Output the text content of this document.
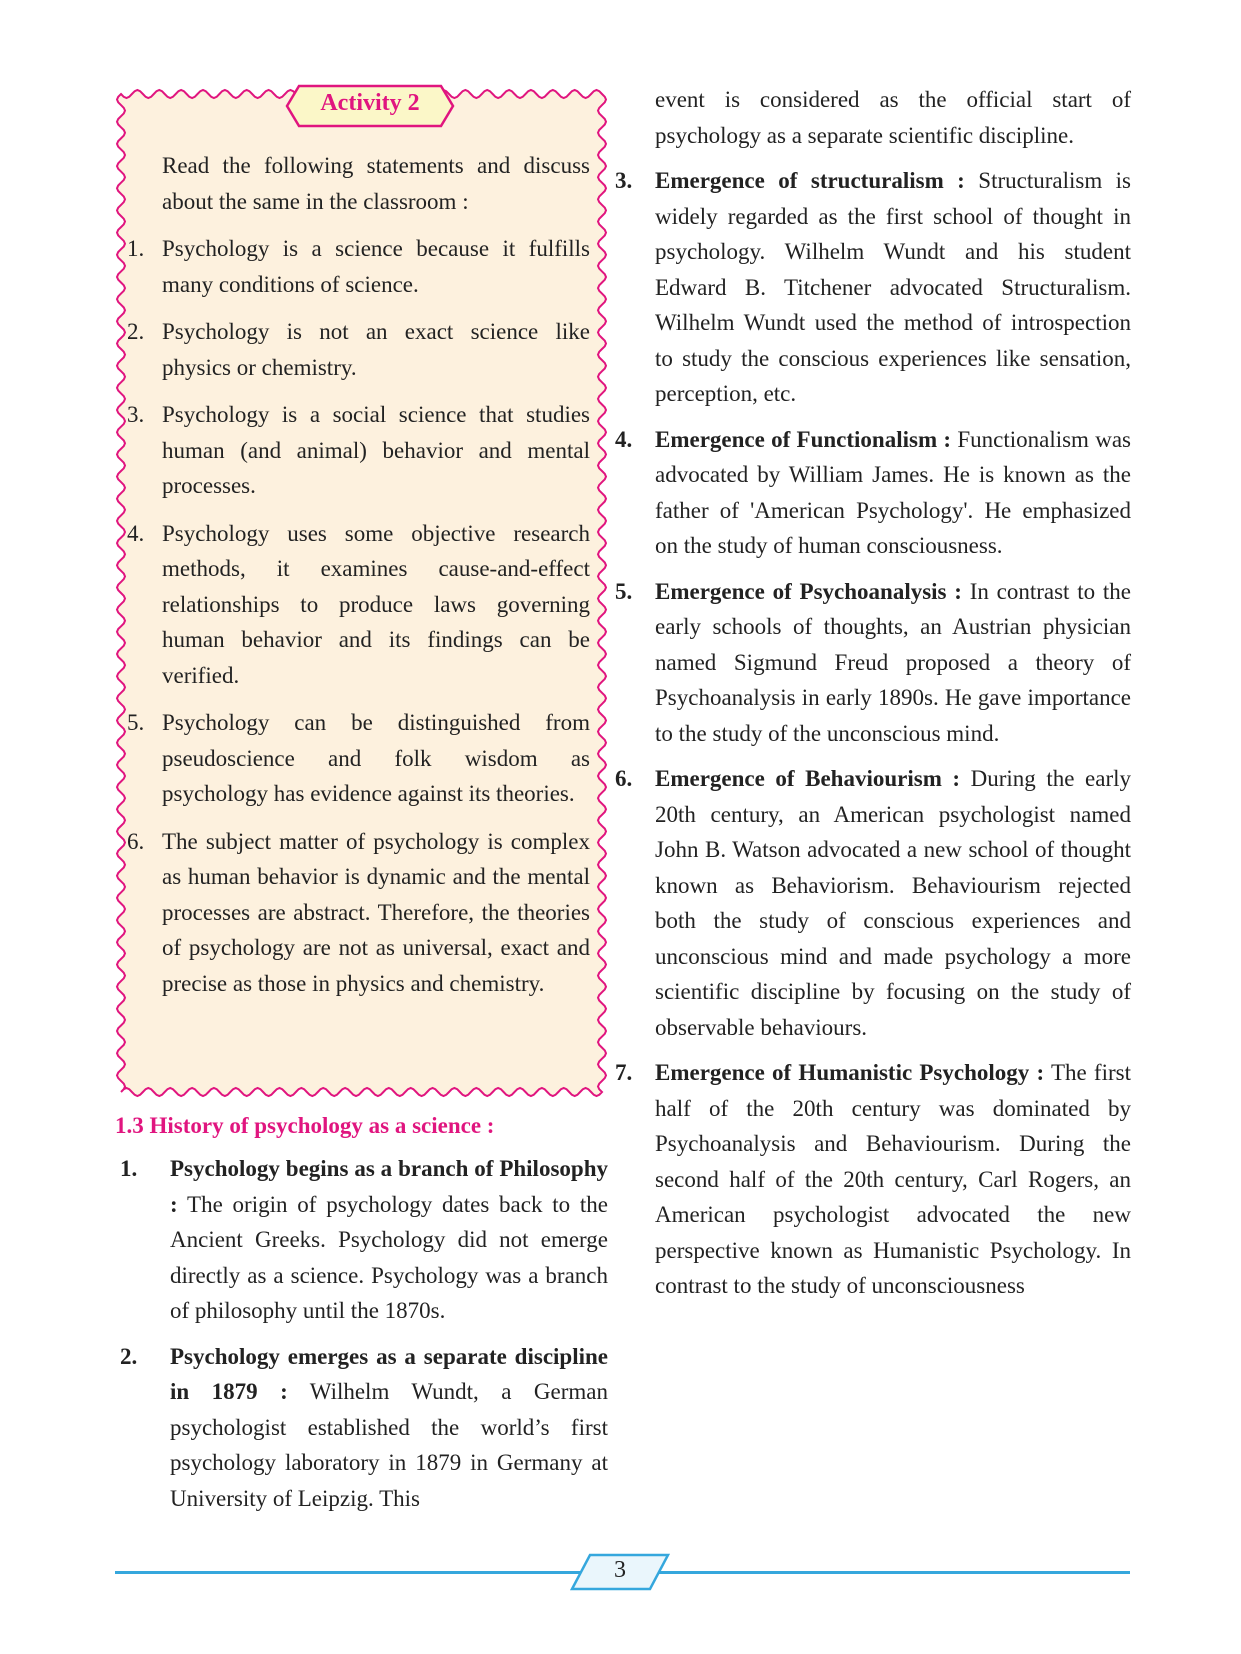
Activity 2
Read the following statements and discuss about the same in the classroom :
1. Psychology is a science because it fulfills many conditions of science.
2. Psychology is not an exact science like physics or chemistry.
3. Psychology is a social science that studies human (and animal) behavior and mental processes.
4. Psychology uses some objective research methods, it examines cause-and-effect relationships to produce laws governing human behavior and its findings can be verified.
5. Psychology can be distinguished from pseudoscience and folk wisdom as psychology has evidence against its theories.
6. The subject matter of psychology is complex as human behavior is dynamic and the mental processes are abstract. Therefore, the theories of psychology are not as universal, exact and precise as those in physics and chemistry.
1.3 History of psychology as a science :
1. Psychology begins as a branch of Philosophy : The origin of psychology dates back to the Ancient Greeks. Psychology did not emerge directly as a science. Psychology was a branch of philosophy until the 1870s.
2. Psychology emerges as a separate discipline in 1879 : Wilhelm Wundt, a German psychologist established the world’s first psychology laboratory in 1879 in Germany at University of Leipzig. This
event is considered as the official start of psychology as a separate scientific discipline.
3. Emergence of structuralism : Structuralism is widely regarded as the first school of thought in psychology. Wilhelm Wundt and his student Edward B. Titchener advocated Structuralism. Wilhelm Wundt used the method of introspection to study the conscious experiences like sensation, perception, etc.
4. Emergence of Functionalism : Functionalism was advocated by William James. He is known as the father of 'American Psychology'. He emphasized on the study of human consciousness.
5. Emergence of Psychoanalysis : In contrast to the early schools of thoughts, an Austrian physician named Sigmund Freud proposed a theory of Psychoanalysis in early 1890s. He gave importance to the study of the unconscious mind.
6. Emergence of Behaviourism : During the early 20th century, an American psychologist named John B. Watson advocated a new school of thought known as Behaviorism. Behaviourism rejected both the study of conscious experiences and unconscious mind and made psychology a more scientific discipline by focusing on the study of observable behaviours.
7. Emergence of Humanistic Psychology : The first half of the 20th century was dominated by Psychoanalysis and Behaviourism. During the second half of the 20th century, Carl Rogers, an American psychologist advocated the new perspective known as Humanistic Psychology. In contrast to the study of unconsciousness
3
